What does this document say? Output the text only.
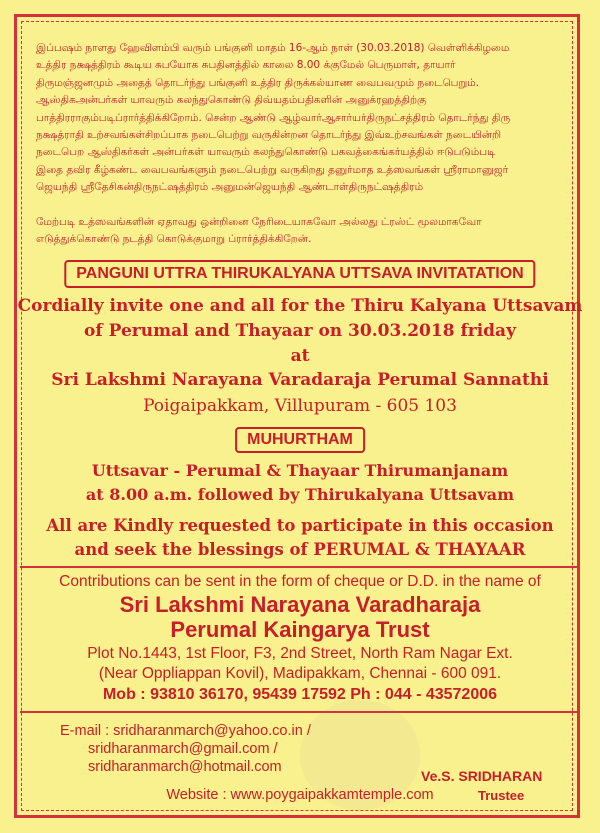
இப்பஷம் நாளது ஹேவிளம்பி வரும் பங்குனி மாதம் 16-ஆம் நாள் (30.03.2018) வெள்ளிக்கிழமை

உத்திர நக்ஷத்திரம் கூடிய சுபயோக சுபதினத்தில் காலை 8.00 க்குமேல் பெருமாள், தாயார்

திருமஞ்ஜனமும் அதைத் தொடர்ந்து பங்குனி உத்திர திருக்கல்யாண வைபவமும் நடைபெறும்.

ஆஸ்திகஅன்பர்கள் யாவரும் கலந்துகொண்டு திவ்யதம்பதிகளின் அனுக்ரஹத்திற்கு

பாத்திரராகும்படிப்ரார்த்திக்கிறோம். சென்ற ஆண்டு ஆழ்வார்ஆசார்யர்திருநட்சத்திரம் தொடர்ந்து திரு

நக்ஷத்ராதி உற்சவங்கள்சிறப்பாக நடைபெற்று வருகின்றன தொடர்ந்து இவ்உற்சவங்கள் நடையின்றி

நடைபெற ஆஸ்திகர்கள் அன்பர்கள் யாவரும் கலந்துகொண்டு பகவத்கைங்கர்யத்தில் ஈடுபடும்படி

இதை தவிர கீழ்கண்ட வைபவங்களும் நடைபெற்று வருகிறது தனுர்மாத உத்ஸவங்கள் ஸ்ரீராமானுஜர்

ஜெயந்தி ஸ்ரீதேசிகன்திருநட்ஷத்திரம் அனுமன்ஜெயந்தி ஆண்டாள்திருநட்ஷத்திரம்

மேற்படி உத்ஸவங்களின் ஏதாவது ஒன்றினை நேரிடையாகவோ அல்லது ட்ரஸ்ட் மூலமாகவோ

எடுத்துக்கொண்டு நடத்தி கொடுக்குமாறு ப்ரார்த்திக்கிறேன்.

PANGUNI UTTRA THIRUKALYANA UTTSAVA INVITATATION
Cordially invite one and all for the Thiru Kalyana Uttsavam
of Perumal and Thayaar on 30.03.2018 friday
at
Sri Lakshmi Narayana Varadaraja Perumal Sannathi
Poigaipakkam, Villupuram - 605 103
MUHURTHAM
Uttsavar - Perumal & Thayaar Thirumanjanam
at 8.00 a.m. followed by Thirukalyana Uttsavam
All are Kindly requested to participate in this occasion
and seek the blessings of PERUMAL & THAYAAR
Contributions can be sent in the form of cheque or D.D. in the name of
Sri Lakshmi Narayana Varadharaja
Perumal Kaingarya Trust
Plot No.1443, 1st Floor, F3, 2nd Street, North Ram Nagar Ext.
(Near Oppliappan Kovil), Madipakkam, Chennai - 600 091.
Mob : 93810 36170, 95439 17592 Ph : 044 - 43572006
E-mail : sridharanmarch@yahoo.co.in /
sridharanmarch@gmail.com /
sridharanmarch@hotmail.com
Website : www.poygaipakkamtemple.com
Ve.S. SRIDHARAN
Trustee
